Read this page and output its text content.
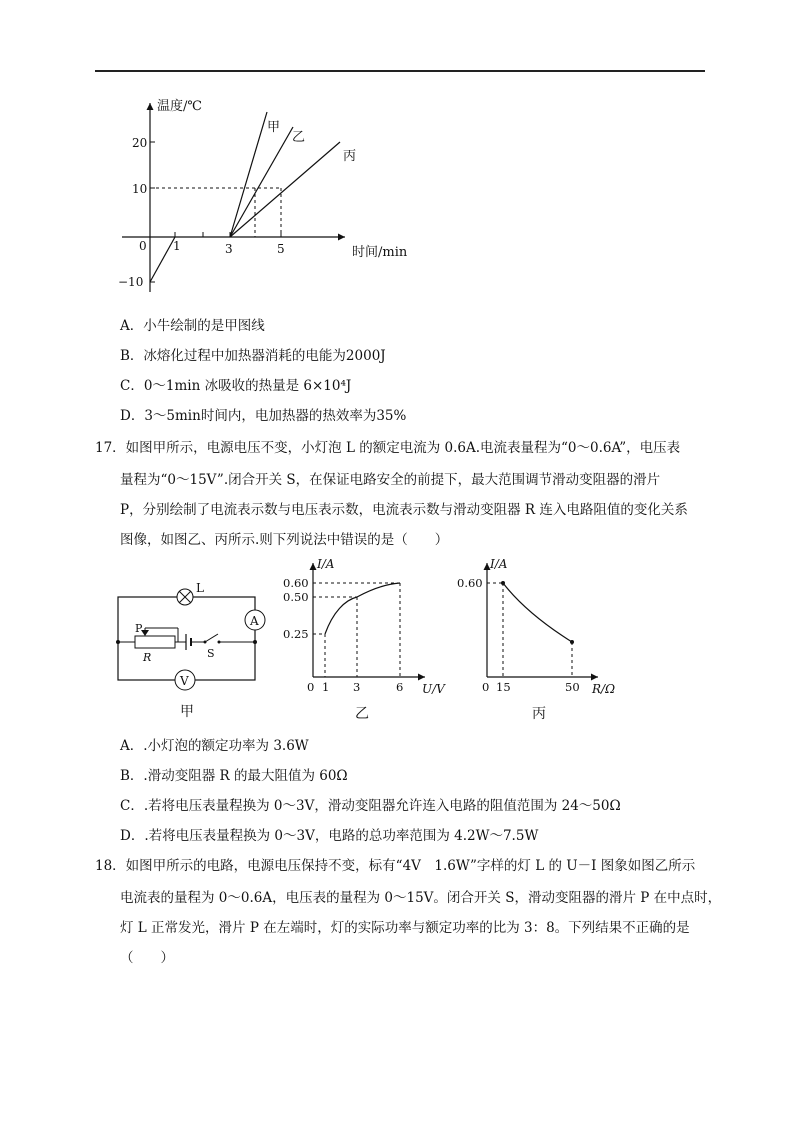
温度/℃
时间/min
20
10
0
−10
1	3	5
甲
乙
丙
A．小牛绘制的是甲图线
B．冰熔化过程中加热器消耗的电能为2000J
C．0～1min 冰吸收的热量是 6×10⁴J
D．3～5min时间内，电加热器的热效率为35%
17．如图甲所示，电源电压不变，小灯泡 L 的额定电流为 0.6A.电流表量程为“0～0.6A”，电压表
量程为“0～15V”.闭合开关 S，在保证电路安全的前提下，最大范围调节滑动变阻器的滑片
P，分别绘制了电流表示数与电压表示数，电流表示数与滑动变阻器 R 连入电路阻值的变化关系
图像，如图乙、丙所示.则下列说法中错误的是（　　）
L
A
V
S
P
R
甲
I/A
U/V
0.60
0.50
0.25
0 1 3	6
乙
I/A
R/Ω
0.60
0 15	50
丙
A．.小灯泡的额定功率为 3.6W
B．.滑动变阻器 R 的最大阻值为 60Ω
C．.若将电压表量程换为 0～3V，滑动变阻器允许连入电路的阻值范围为 24～50Ω
D．.若将电压表量程换为 0～3V，电路的总功率范围为 4.2W～7.5W
18．如图甲所示的电路，电源电压保持不变，标有“4V　1.6W”字样的灯 L 的 U－I 图象如图乙所示
电流表的量程为 0～0.6A，电压表的量程为 0～15V。闭合开关 S，滑动变阻器的滑片 P 在中点时，
灯 L 正常发光，滑片 P 在左端时，灯的实际功率与额定功率的比为 3：8。下列结果不正确的是
（　　）
